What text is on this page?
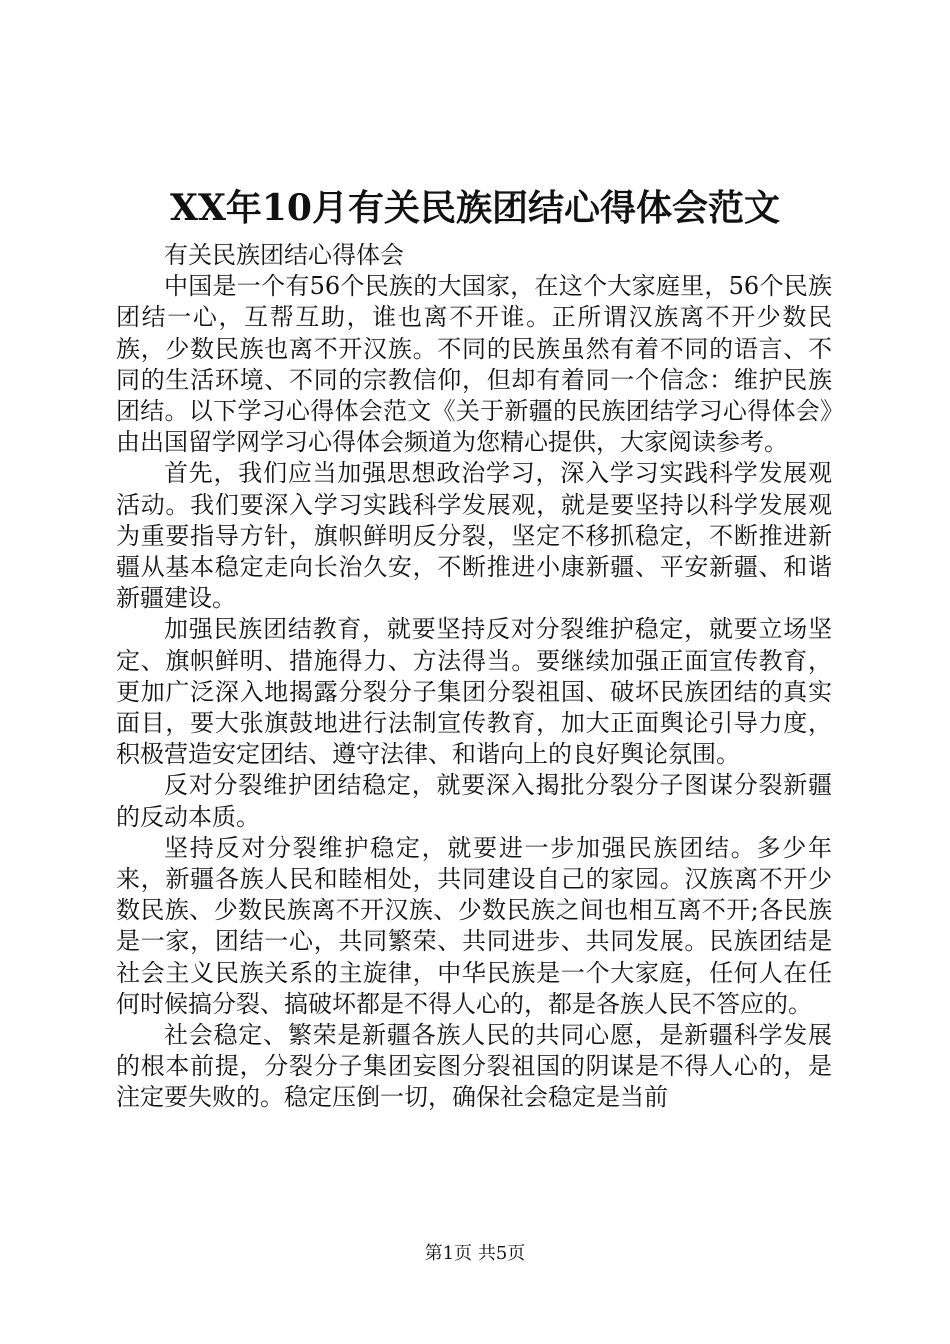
XX年10月有关民族团结心得体会范文

有关民族团结心得体会

中国是一个有56个民族的大国家，在这个大家庭里，56个民族团结一心，互帮互助，谁也离不开谁。正所谓汉族离不开少数民族，少数民族也离不开汉族。不同的民族虽然有着不同的语言、不同的生活环境、不同的宗教信仰，但却有着同一个信念：维护民族团结。以下学习心得体会范文《关于新疆的民族团结学习心得体会》由出国留学网学习心得体会频道为您精心提供，大家阅读参考。

首先，我们应当加强思想政治学习，深入学习实践科学发展观活动。我们要深入学习实践科学发展观，就是要坚持以科学发展观为重要指导方针，旗帜鲜明反分裂，坚定不移抓稳定，不断推进新疆从基本稳定走向长治久安，不断推进小康新疆、平安新疆、和谐新疆建设。

加强民族团结教育，就要坚持反对分裂维护稳定，就要立场坚定、旗帜鲜明、措施得力、方法得当。要继续加强正面宣传教育，更加广泛深入地揭露分裂分子集团分裂祖国、破坏民族团结的真实面目，要大张旗鼓地进行法制宣传教育，加大正面舆论引导力度，积极营造安定团结、遵守法律、和谐向上的良好舆论氛围。

反对分裂维护团结稳定，就要深入揭批分裂分子图谋分裂新疆的反动本质。

坚持反对分裂维护稳定，就要进一步加强民族团结。多少年来，新疆各族人民和睦相处，共同建设自己的家园。汉族离不开少数民族、少数民族离不开汉族、少数民族之间也相互离不开;各民族是一家，团结一心，共同繁荣、共同进步、共同发展。民族团结是社会主义民族关系的主旋律，中华民族是一个大家庭，任何人在任何时候搞分裂、搞破坏都是不得人心的，都是各族人民不答应的。

社会稳定、繁荣是新疆各族人民的共同心愿，是新疆科学发展的根本前提，分裂分子集团妄图分裂祖国的阴谋是不得人心的，是注定要失败的。稳定压倒一切，确保社会稳定是当前

第1页 共5页
